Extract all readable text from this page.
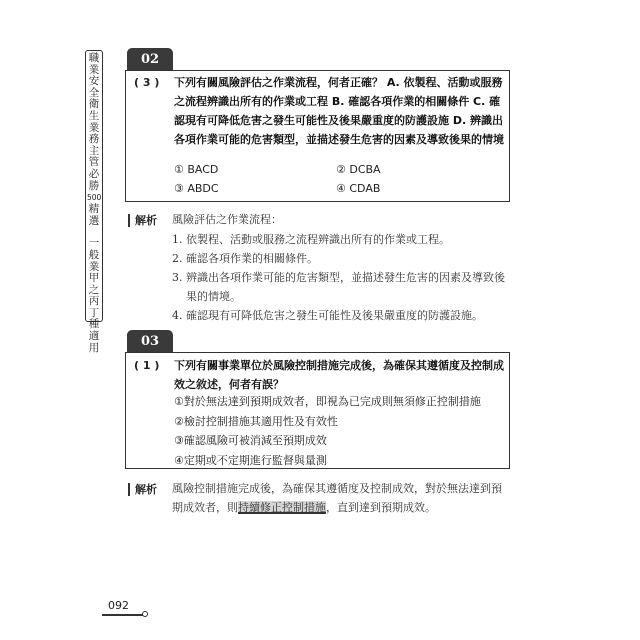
職
業
安
全
衛
生
業
務
主
管
必
勝
500
精
選
一
般
業
甲
之
丙
丁
種
適
用
02
( 3 ) 下列有關風險評估之作業流程，何者正確？ A. 依製程、活動或服務之流程辨識出所有的作業或工程 B. 確認各項作業的相關條件 C. 確認現有可降低危害之發生可能性及後果嚴重度的防護設施 D. 辨識出各項作業可能的危害類型，並描述發生危害的因素及導致後果的情境
① BACD	② DCBA
③ ABDC	④ CDAB
解析 風險評估之作業流程：
1. 依製程、活動或服務之流程辨識出所有的作業或工程。
2. 確認各項作業的相關條件。
3. 辨識出各項作業可能的危害類型，並描述發生危害的因素及導致後果的情境。
4. 確認現有可降低危害之發生可能性及後果嚴重度的防護設施。
03
( 1 ) 下列有關事業單位於風險控制措施完成後，為確保其遵循度及控制成效之敘述，何者有誤？
①對於無法達到預期成效者，即視為已完成則無須修正控制措施
②檢討控制措施其適用性及有效性
③確認風險可被消減至預期成效
④定期或不定期進行監督與量測
解析 風險控制措施完成後，為確保其遵循度及控制成效，對於無法達到預期成效者，則持續修正控制措施，直到達到預期成效。
092
